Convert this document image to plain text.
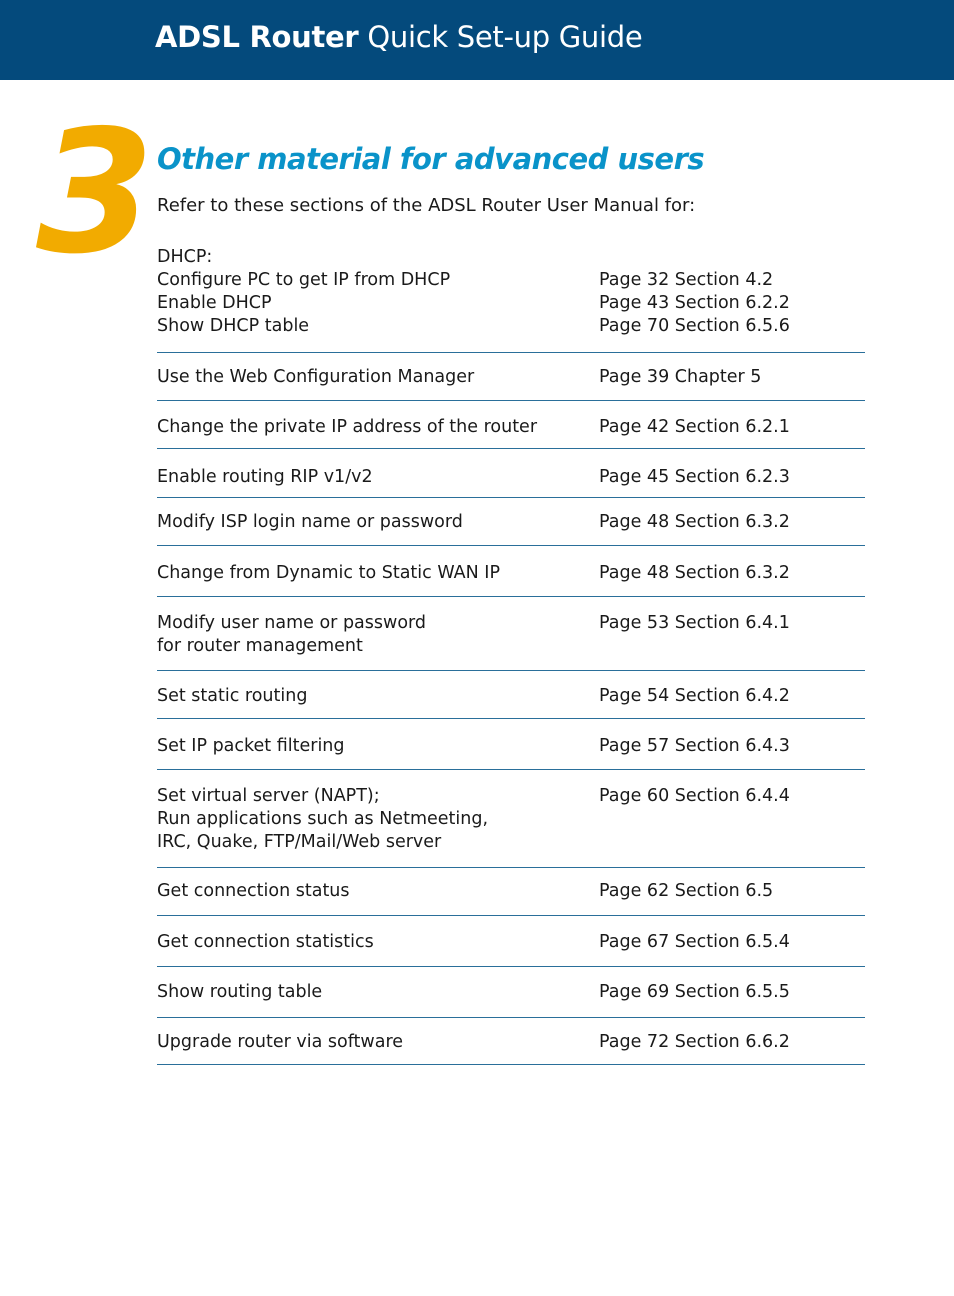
ADSL Router Quick Set-up Guide
3 Other material for advanced users
Refer to these sections of the ADSL Router User Manual for:
DHCP:
Configure PC to get IP from DHCP	Page 32 Section 4.2
Enable DHCP	Page 43 Section 6.2.2
Show DHCP table	Page 70 Section 6.5.6
Use the Web Configuration Manager	Page 39 Chapter 5
Change the private IP address of the router	Page 42 Section 6.2.1
Enable routing RIP v1/v2	Page 45 Section 6.2.3
Modify ISP login name or password	Page 48 Section 6.3.2
Change from Dynamic to Static WAN IP	Page 48 Section 6.3.2
Modify user name or password	Page 53 Section 6.4.1
for router management
Set static routing	Page 54 Section 6.4.2
Set IP packet filtering	Page 57 Section 6.4.3
Set virtual server (NAPT);	Page 60 Section 6.4.4
Run applications such as Netmeeting,
IRC, Quake, FTP/Mail/Web server
Get connection status	Page 62 Section 6.5
Get connection statistics	Page 67 Section 6.5.4
Show routing table	Page 69 Section 6.5.5
Upgrade router via software	Page 72 Section 6.6.2
